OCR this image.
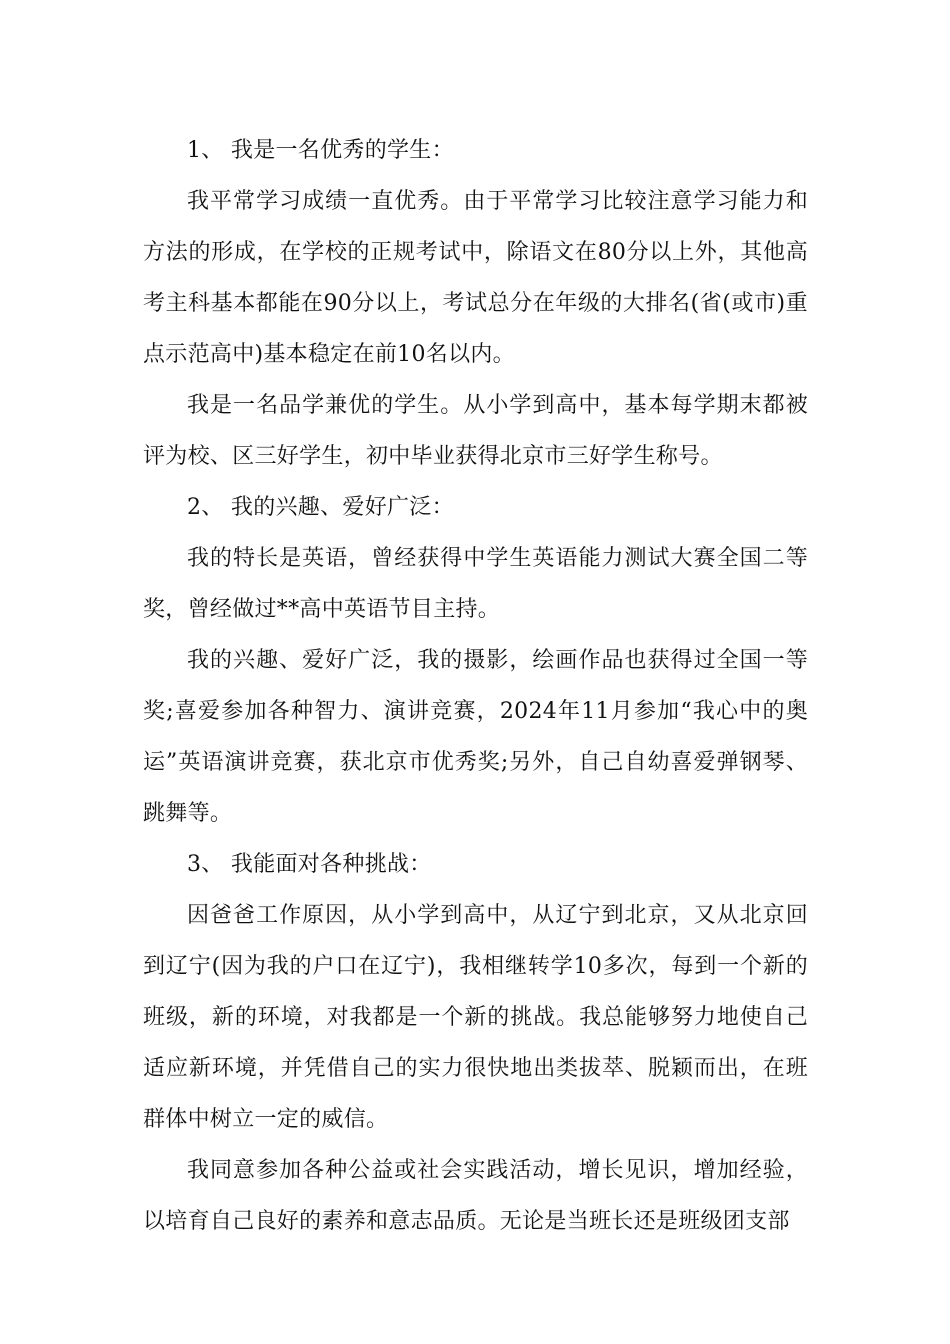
1、 我是一名优秀的学生：

我平常学习成绩一直优秀。由于平常学习比较注意学习能力和方法的形成，在学校的正规考试中，除语文在80分以上外，其他高考主科基本都能在90分以上，考试总分在年级的大排名(省(或市)重点示范高中)基本稳定在前10名以内。

我是一名品学兼优的学生。从小学到高中，基本每学期末都被评为校、区三好学生，初中毕业获得北京市三好学生称号。

2、 我的兴趣、爱好广泛：

我的特长是英语，曾经获得中学生英语能力测试大赛全国二等奖，曾经做过**高中英语节目主持。

我的兴趣、爱好广泛，我的摄影，绘画作品也获得过全国一等奖;喜爱参加各种智力、演讲竞赛，2024年11月参加“我心中的奥运”英语演讲竞赛，获北京市优秀奖;另外，自己自幼喜爱弹钢琴、跳舞等。

3、 我能面对各种挑战：

因爸爸工作原因，从小学到高中，从辽宁到北京，又从北京回到辽宁(因为我的户口在辽宁)，我相继转学10多次，每到一个新的班级，新的环境，对我都是一个新的挑战。我总能够努力地使自己适应新环境，并凭借自己的实力很快地出类拔萃、脱颖而出，在班群体中树立一定的威信。

我同意参加各种公益或社会实践活动，增长见识，增加经验，以培育自己良好的素养和意志品质。无论是当班长还是班级团支部
